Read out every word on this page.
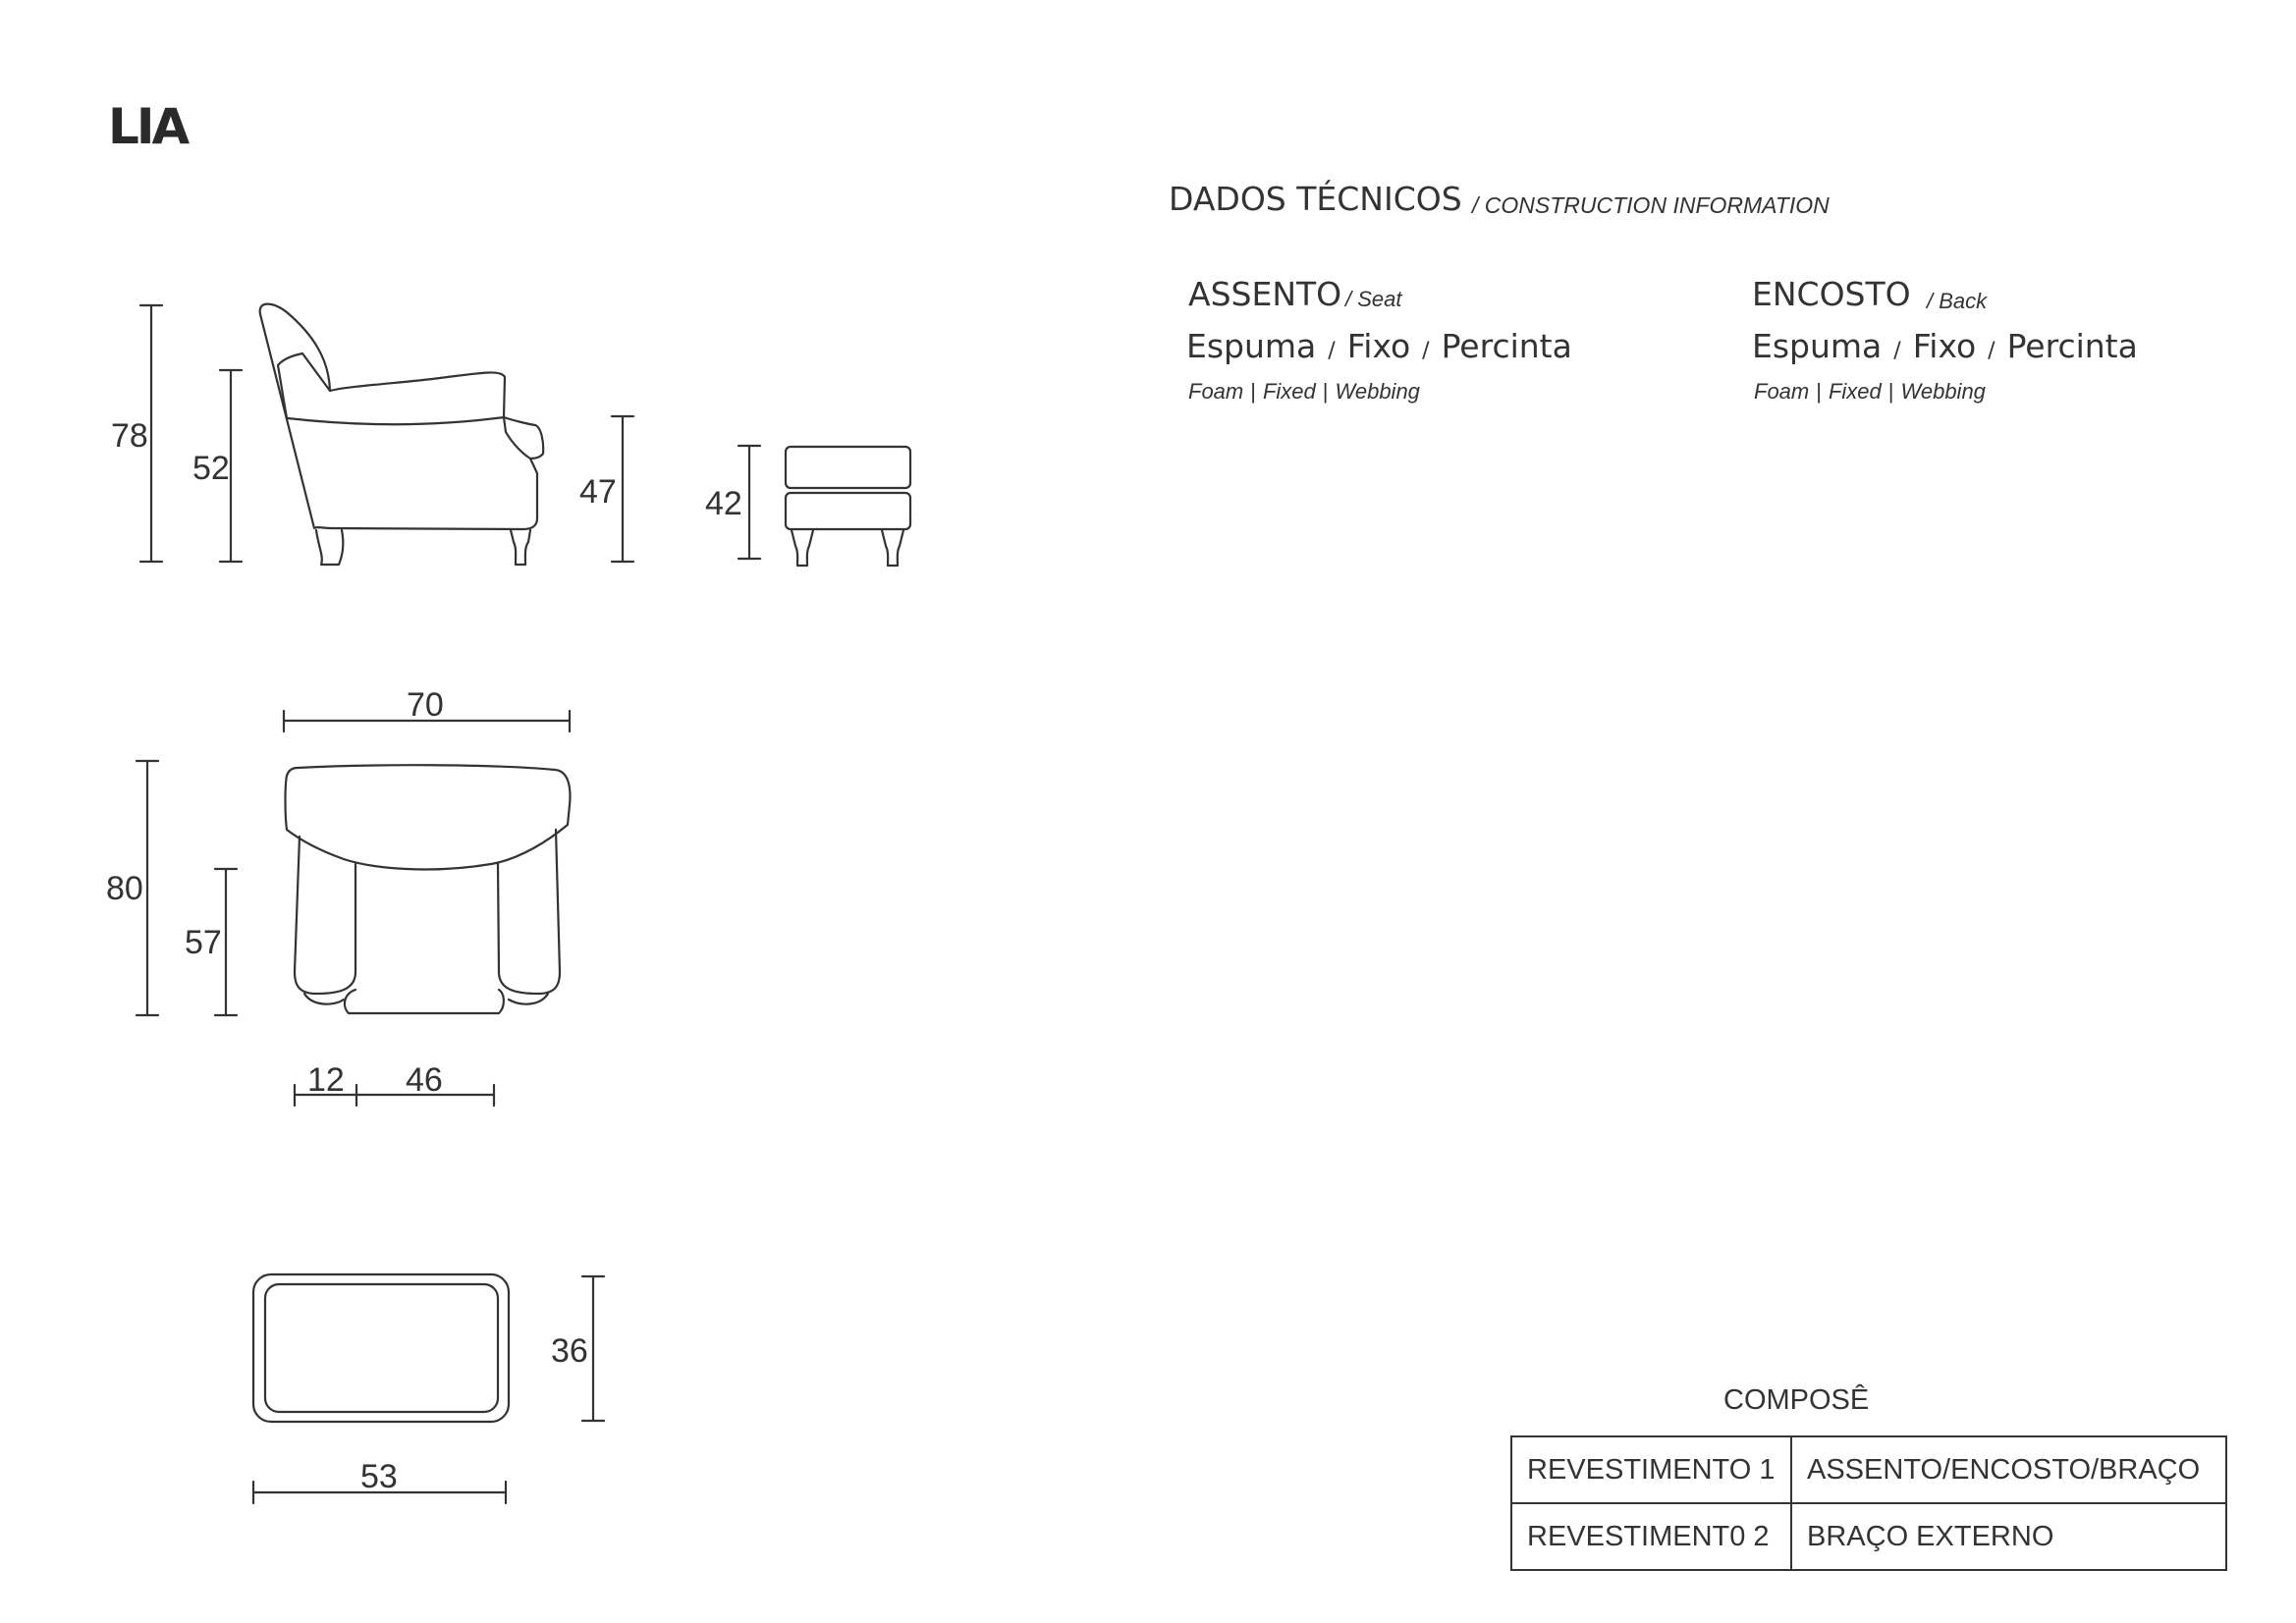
LIA
DADOS TÉCNICOS / CONSTRUCTION INFORMATION
ASSENTO / Seat
Espuma / Fixo / Percinta
Foam | Fixed | Webbing
ENCOSTO / Back
Espuma / Fixo / Percinta
Foam | Fixed | Webbing
78
52
47	42
70
80
57
12 46
36
53
COMPOSÊ
REVESTIMENTO 1	ASSENTO/ENCOSTO/BRAÇO
REVESTIMENT0 2	BRAÇO EXTERNO
